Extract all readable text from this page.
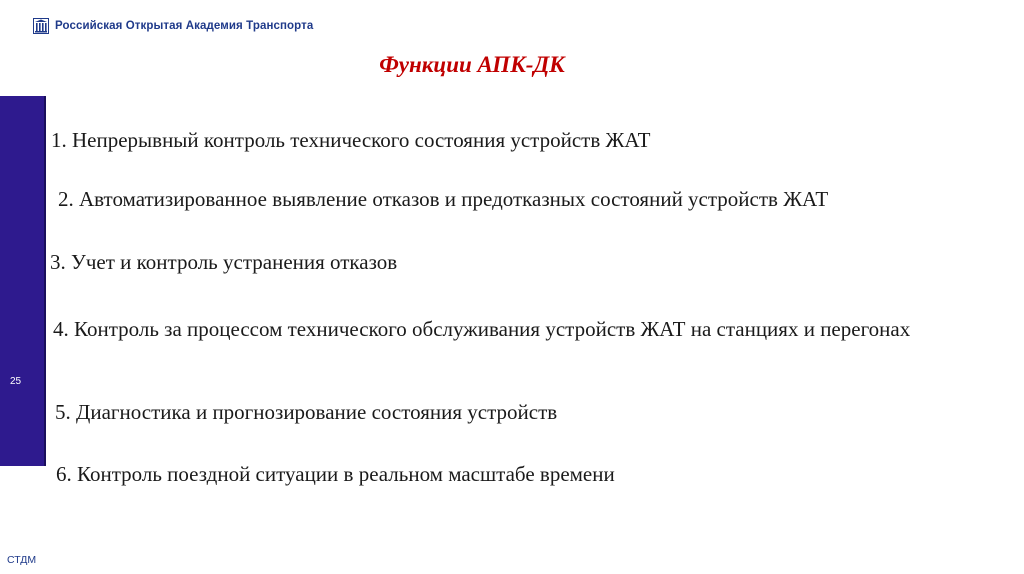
Российская Открытая Академия Транспорта
Функции АПК-ДК
25
1. Непрерывный контроль технического состояния устройств ЖАТ
2. Автоматизированное выявление отказов и предотказных состояний устройств ЖАТ
3. Учет и контроль устранения отказов
4. Контроль за процессом технического обслуживания устройств ЖАТ на станциях и перегонах
5. Диагностика и прогнозирование состояния устройств
6. Контроль поездной ситуации в реальном масштабе времени
СТДМ
